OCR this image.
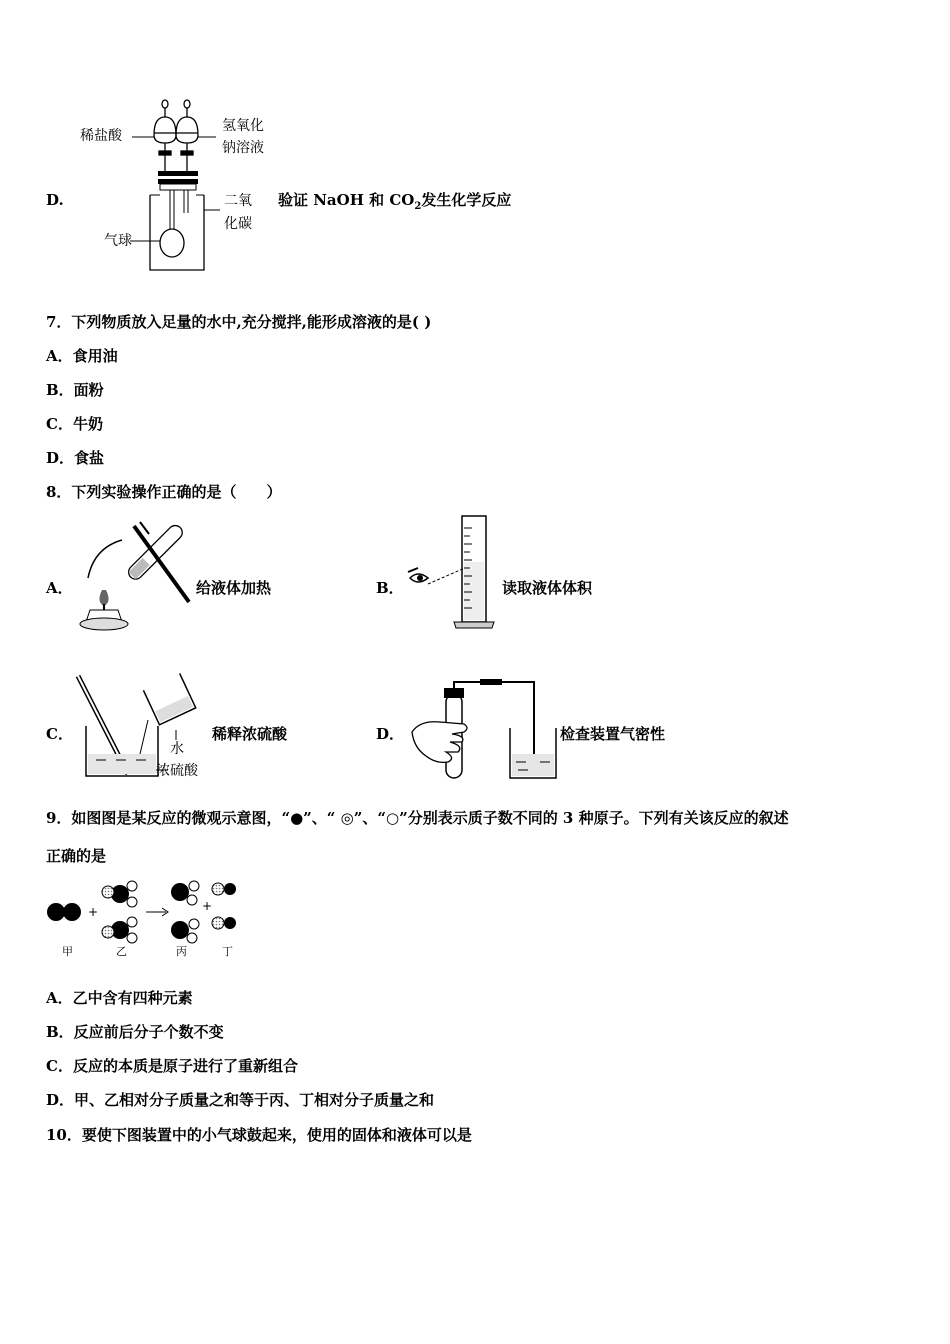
D.
稀盐酸
氢氧化
钠溶液
二氧
化碳
气球
验证 NaOH 和 $CO_2$发生化学反应
7．下列物质放入足量的水中,充分搅拌,能形成溶液的是( )
A．食用油
B．面粉
C．牛奶
D．食盐
8．下列实验操作正确的是（　　）
A．	给液体加热	B．	读取液体体积
C．
水
浓硫酸
稀释浓硫酸	D．	检查装置气密性
9．如图图是某反应的微观示意图，“●”、“ ◎”、“○”分别表示质子数不同的 3 种原子。下列有关该反应的叙述
正确的是
+	+
甲	乙	丙	丁
A．乙中含有四种元素
B．反应前后分子个数不变
C．反应的本质是原子进行了重新组合
D．甲、乙相对分子质量之和等于丙、丁相对分子质量之和
10．要使下图装置中的小气球鼓起来，使用的固体和液体可以是
